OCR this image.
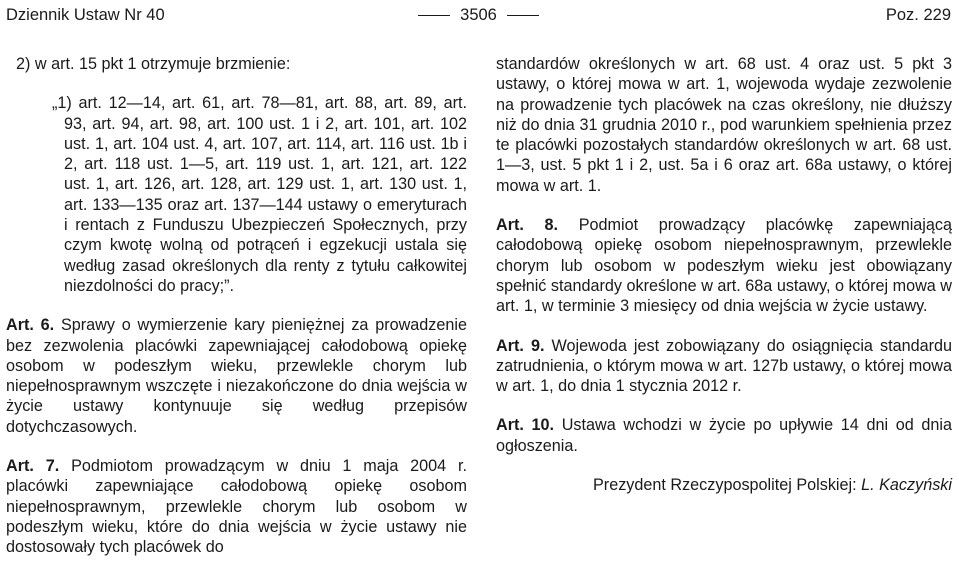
Dziennik Ustaw Nr 40	3506	Poz. 229

2) w art. 15 pkt 1 otrzymuje brzmienie:

„1) art. 12—14, art. 61, art. 78—81, art. 88, art. 89, art. 93, art. 94, art. 98, art. 100 ust. 1 i 2, art. 101, art. 102 ust. 1, art. 104 ust. 4, art. 107, art. 114, art. 116 ust. 1b i 2, art. 118 ust. 1—5, art. 119 ust. 1, art. 121, art. 122 ust. 1, art. 126, art. 128, art. 129 ust. 1, art. 130 ust. 1, art. 133—135 oraz art. 137—144 ustawy o emeryturach i rentach z Funduszu Ubezpieczeń Społecznych, przy czym kwotę wolną od potrąceń i egzekucji ustala się według zasad określonych dla renty z tytułu całkowitej niezdolności do pracy;”.

Art. 6. Sprawy o wymierzenie kary pieniężnej za prowadzenie bez zezwolenia placówki zapewniającej całodobową opiekę osobom w podeszłym wieku, przewlekle chorym lub niepełnosprawnym wszczęte i niezakończone do dnia wejścia w życie ustawy kontynuuje się według przepisów dotychczasowych.

Art. 7. Podmiotom prowadzącym w dniu 1 maja 2004 r. placówki zapewniające całodobową opiekę osobom niepełnosprawnym, przewlekle chorym lub osobom w podeszłym wieku, które do dnia wejścia w życie ustawy nie dostosowały tych placówek do

standardów określonych w art. 68 ust. 4 oraz ust. 5 pkt 3 ustawy, o której mowa w art. 1, wojewoda wydaje zezwolenie na prowadzenie tych placówek na czas określony, nie dłuższy niż do dnia 31 grudnia 2010 r., pod warunkiem spełnienia przez te placówki pozostałych standardów określonych w art. 68 ust. 1—3, ust. 5 pkt 1 i 2, ust. 5a i 6 oraz art. 68a ustawy, o której mowa w art. 1.

Art. 8. Podmiot prowadzący placówkę zapewniającą całodobową opiekę osobom niepełnosprawnym, przewlekle chorym lub osobom w podeszłym wieku jest obowiązany spełnić standardy określone w art. 68a ustawy, o której mowa w art. 1, w terminie 3 miesięcy od dnia wejścia w życie ustawy.

Art. 9. Wojewoda jest zobowiązany do osiągnięcia standardu zatrudnienia, o którym mowa w art. 127b ustawy, o której mowa w art. 1, do dnia 1 stycznia 2012 r.

Art. 10. Ustawa wchodzi w życie po upływie 14 dni od dnia ogłoszenia.

Prezydent Rzeczypospolitej Polskiej: L. Kaczyński
